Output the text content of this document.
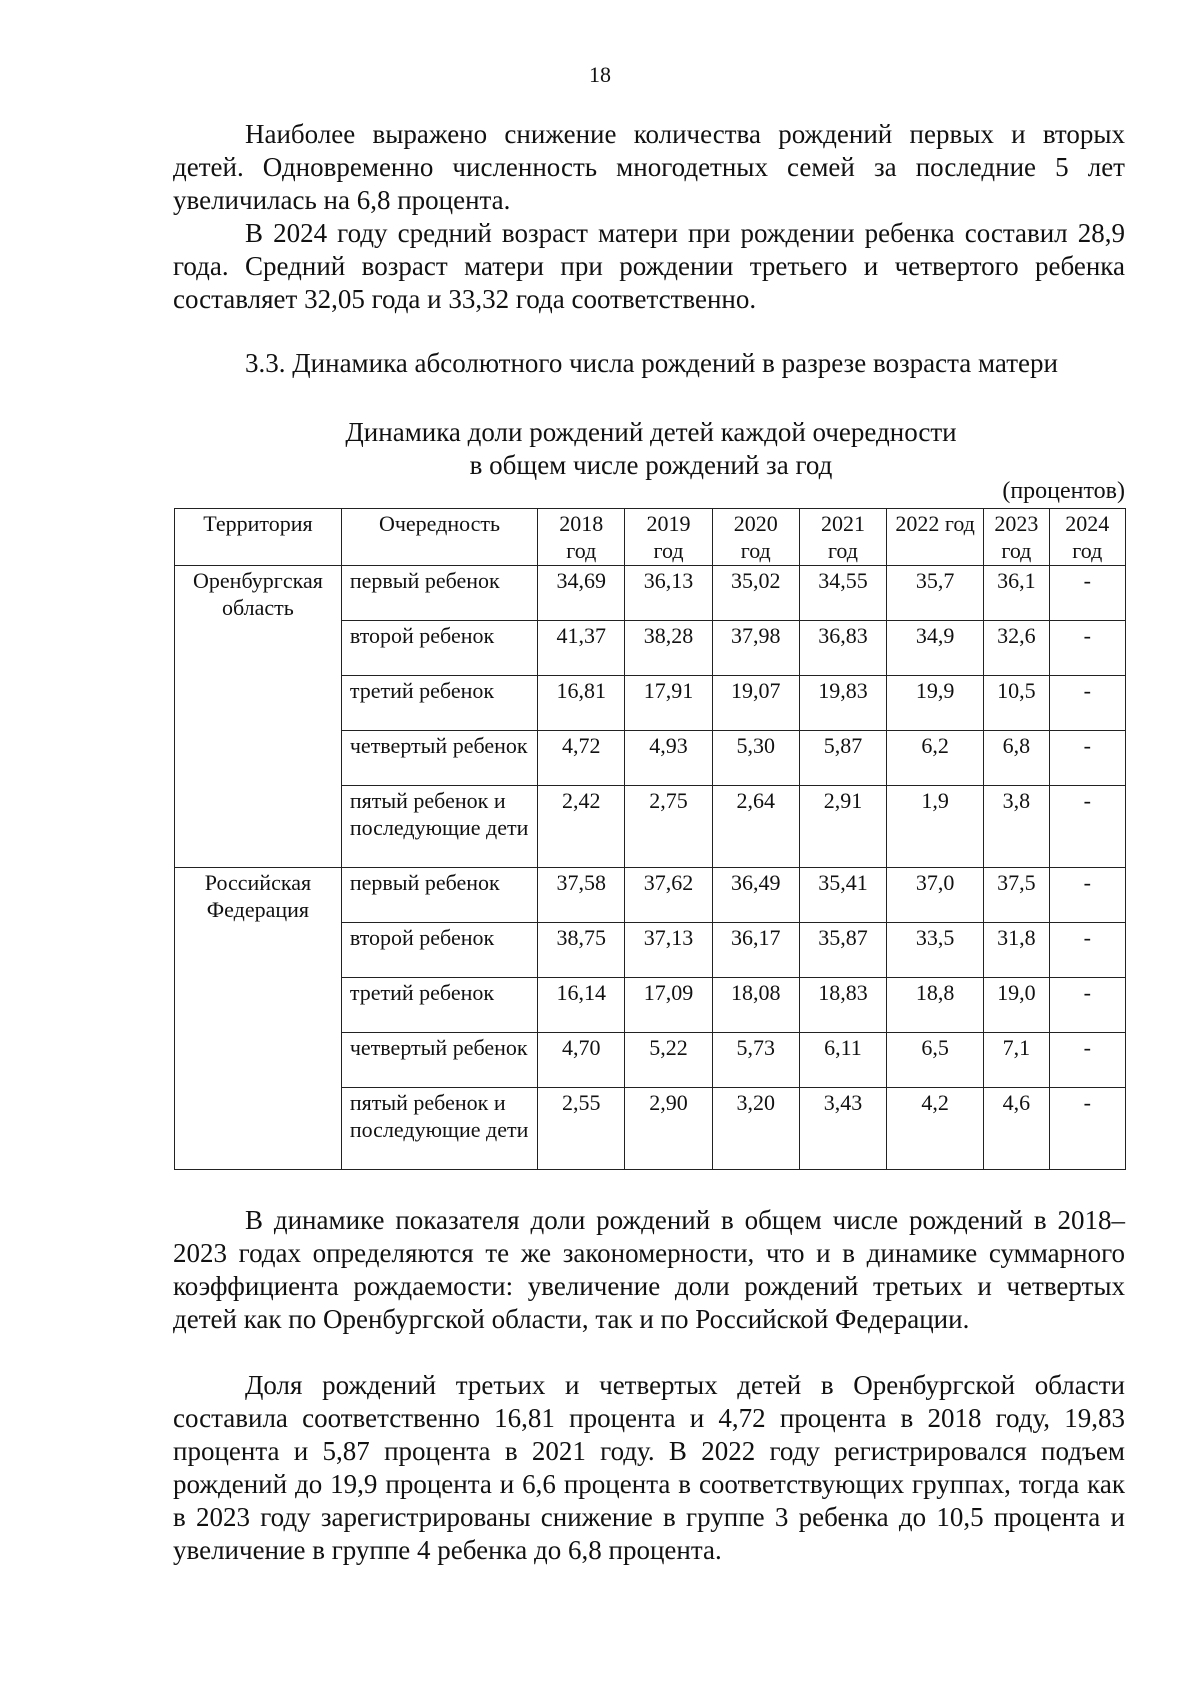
18

Наиболее выражено снижение количества рождений первых и вторых детей. Одновременно численность многодетных семей за последние 5 лет увеличилась на 6,8 процента.

В 2024 году средний возраст матери при рождении ребенка составил 28,9 года. Средний возраст матери при рождении третьего и четвертого ребенка составляет 32,05 года и 33,32 года соответственно.

3.3. Динамика абсолютного числа рождений в разрезе возраста матери

Динамика доли рождений детей каждой очередности
в общем числе рождений за год
(процентов)
Территория	Очередность	2018 год	2019 год	2020 год	2021 год	2022 год	2023 год	2024 год
Оренбургская область	первый ребенок	34,69	36,13	35,02	34,55	35,7	36,1	-
	второй ребенок	41,37	38,28	37,98	36,83	34,9	32,6	-
	третий ребенок	16,81	17,91	19,07	19,83	19,9	10,5	-
	четвертый ребенок	4,72	4,93	5,30	5,87	6,2	6,8	-
	пятый ребенок и последующие дети	2,42	2,75	2,64	2,91	1,9	3,8	-
Российская Федерация	первый ребенок	37,58	37,62	36,49	35,41	37,0	37,5	-
	второй ребенок	38,75	37,13	36,17	35,87	33,5	31,8	-
	третий ребенок	16,14	17,09	18,08	18,83	18,8	19,0	-
	четвертый ребенок	4,70	5,22	5,73	6,11	6,5	7,1	-
	пятый ребенок и последующие дети	2,55	2,90	3,20	3,43	4,2	4,6	-

В динамике показателя доли рождений в общем числе рождений в 2018–2023 годах определяются те же закономерности, что и в динамике суммарного коэффициента рождаемости: увеличение доли рождений третьих и четвертых детей как по Оренбургской области, так и по Российской Федерации.

Доля рождений третьих и четвертых детей в Оренбургской области составила соответственно 16,81 процента и 4,72 процента в 2018 году, 19,83 процента и 5,87 процента в 2021 году. В 2022 году регистрировался подъем рождений до 19,9 процента и 6,6 процента в соответствующих группах, тогда как в 2023 году зарегистрированы снижение в группе 3 ребенка до 10,5 процента и увеличение в группе 4 ребенка до 6,8 процента.
